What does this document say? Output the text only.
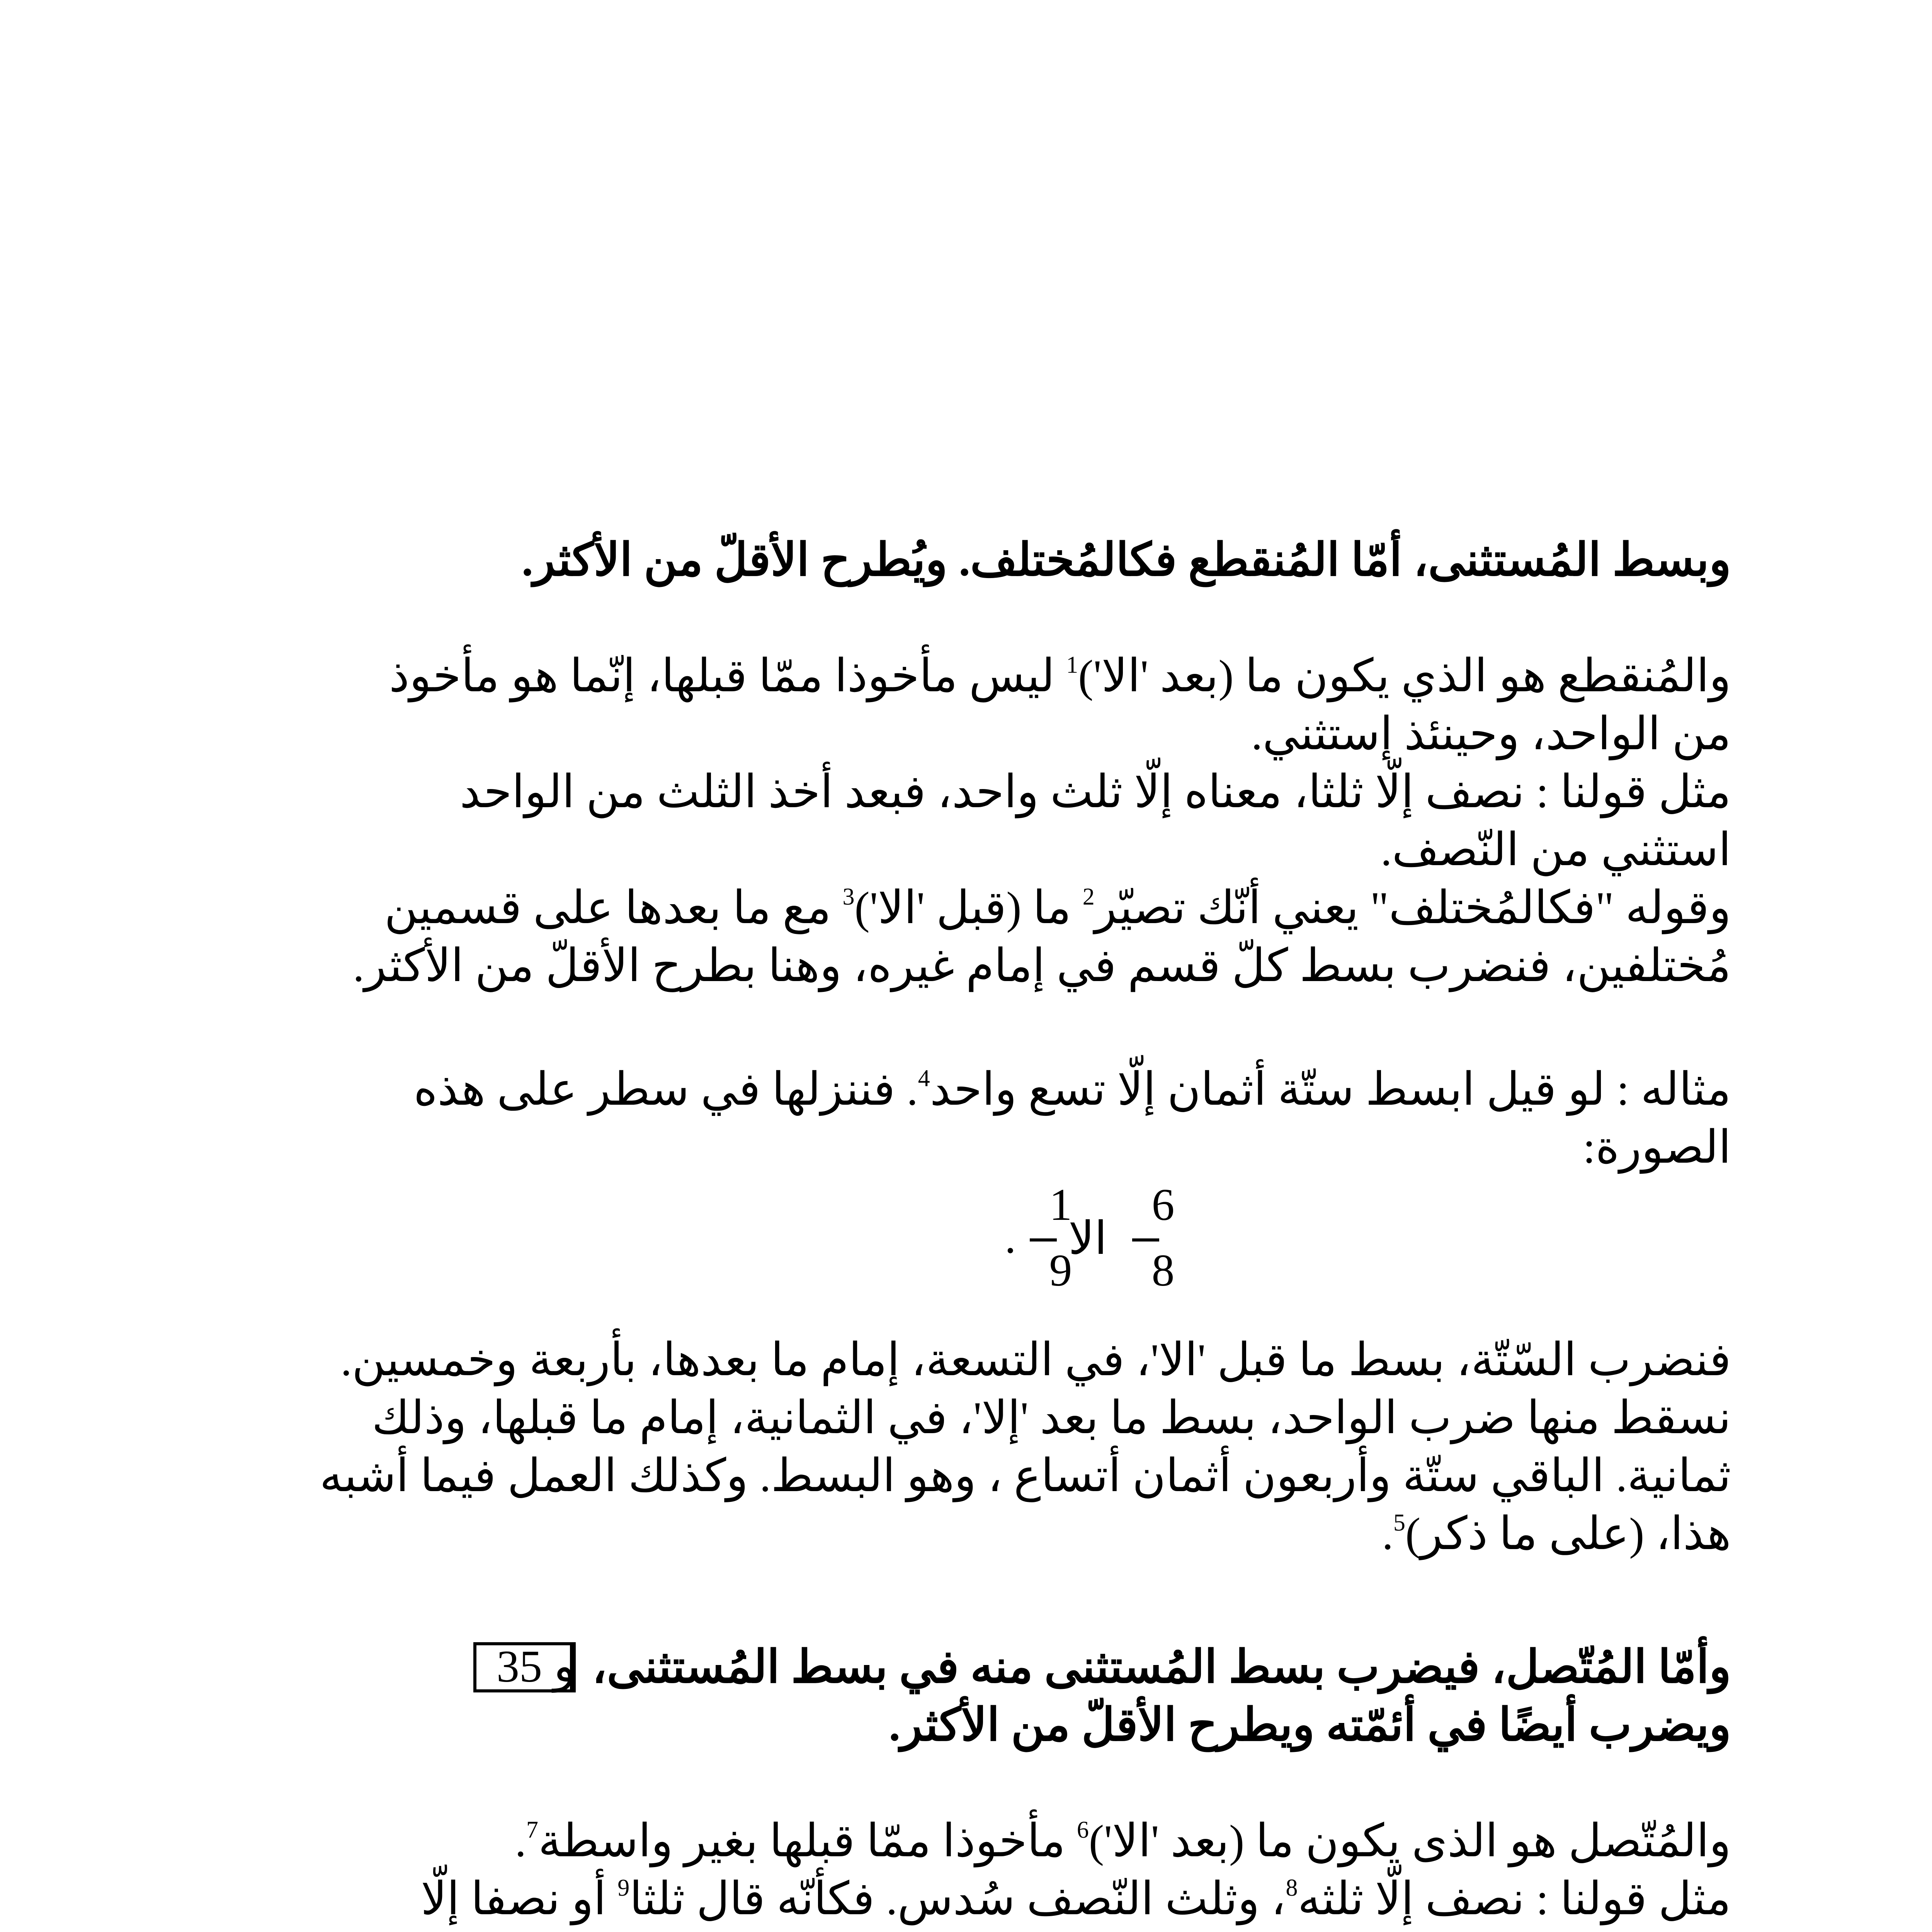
وبسط المُستثنى، أمّا المُنقطع فكالمُختلف. ويُطرح الأقلّ من الأكثر.
والمُنقطع هو الذي يكون ما (بعد 'الا')$^1$ ليس مأخوذا ممّا قبلها، إنّما هو مأخوذ
من الواحد، وحينئذ إستثني.
مثل قولنا : نصف إلّا ثلثا، معناه إلّا ثلث واحد، فبعد أخذ الثلث من الواحد
استثني من النّصف.
وقوله "فكالمُختلف" يعني أنّك تصيّر$^2$ ما (قبل 'الا')$^3$ مع ما بعدها على قسمين
مُختلفين، فنضرب بسط كلّ قسم في إمام غيره، وهنا بطرح الأقلّ من الأكثر.
مثاله : لو قيل ابسط ستّة أثمان إلّا تسع واحد$^4$. فننزلها في سطر على هذه
الصورة:
.
1
9
الا
6
8
فنضرب السّتّة، بسط ما قبل 'الا'، في التسعة، إمام ما بعدها، بأربعة وخمسين.
نسقط منها ضرب الواحد، بسط ما بعد 'إلا'، في الثمانية، إمام ما قبلها، وذلك
ثمانية. الباقي ستّة وأربعون أثمان أتساع ، وهو البسط. وكذلك العمل فيما أشبه
هذا، (على ما ذكر)$^5$.
وأمّا المُتّصل، فيضرب بسط المُستثنى منه في بسط المُستثنى،
ويضرب أيضًا في أئمّته ويطرح الأقلّ من الأكثر.
و 35
والمُتّصل هو الذى يكون ما (بعد 'الا')$^6$ مأخوذا ممّا قبلها بغير واسطة$^7$.
مثل قولنا : نصف إلّا ثلثه$^8$، وثلث النّصف سُدس. فكأنّه قال ثلثا$^9$ أو نصفا إلّا
